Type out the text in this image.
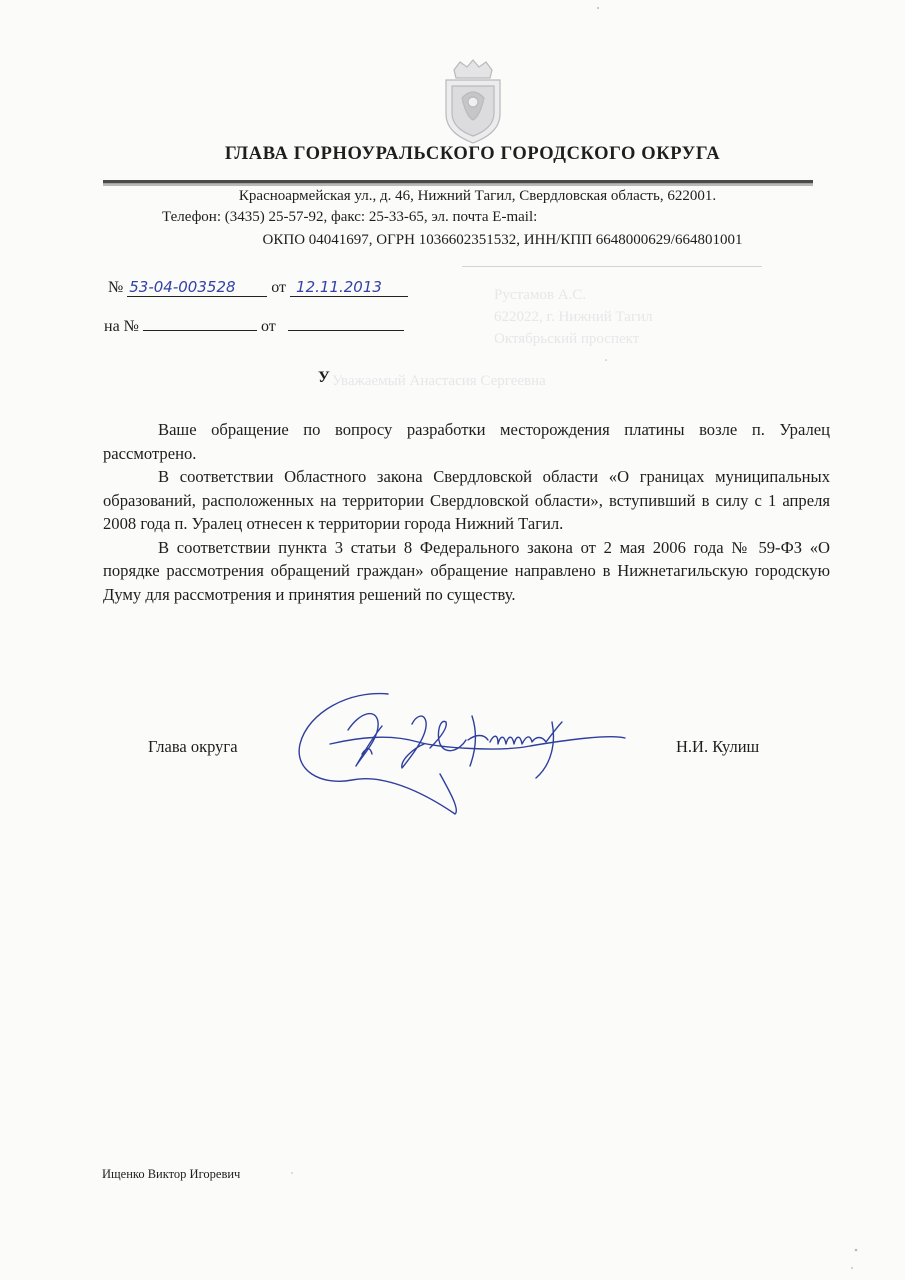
ГЛАВА ГОРНОУРАЛЬСКОГО ГОРОДСКОГО ОКРУГА
Красноармейская ул., д. 46, Нижний Тагил, Свердловская область, 622001.
Телефон: (3435) 25-57-92, факс: 25-33-65, эл. почта E-mail:
ОКПО 04041697, ОГРН 1036602351532, ИНН/КПП 6648000629/664801001
№ 53-04-003528 от 12.11.2013
на №	от
Рустамов А.С.
622022, г. Нижний Тагил
Октябрьский проспект
У Уважаемый Анастасия Сергеевна

Ваше обращение по вопросу разработки месторождения платины возле п. Уралец рассмотрено.

В соответствии Областного закона Свердловской области «О границах муниципальных образований, расположенных на территории Свердловской области», вступивший в силу с 1 апреля 2008 года п. Уралец отнесен к территории города Нижний Тагил.

В соответствии пункта 3 статьи 8 Федерального закона от 2 мая 2006 года № 59-ФЗ «О порядке рассмотрения обращений граждан» обращение направлено в Нижнетагильскую городскую Думу для рассмотрения и принятия решений по существу.

Глава округа	Н.И. Кулиш
Ищенко Виктор Игоревич
